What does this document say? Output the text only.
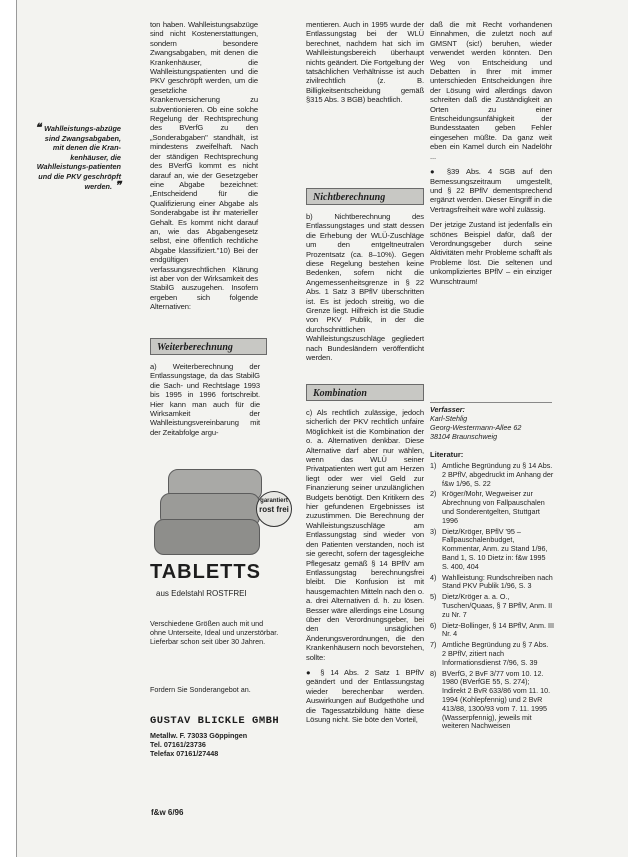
❝ Wahlleistungs-abzüge sind Zwangsabgaben, mit denen die Kran-kenhäuser, die Wahlleistungs-patienten und die PKV geschröpft werden. ❞

ton haben. Wahlleistungsabzüge sind nicht Kostenerstattungen, sondern besondere Zwangsabgaben, mit denen die Krankenhäuser, die Wahlleistungspatienten und die PKV geschröpft werden, um die gesetzliche Krankenversicherung zu subventionieren. Ob eine solche Regelung der Rechtsprechung des BVerfG zu den „Sonderabgaben" standhält, ist mindestens zweifelhaft. Nach der ständigen Rechtsprechung des BVerfG kommt es nicht darauf an, wie der Gesetzgeber eine Abgabe bezeichnet: „Entscheidend für die Qualifizierung einer Abgabe als Sonderabgabe ist ihr materieller Gehalt. Es kommt nicht darauf an, wie das Abgabengesetz selbst, eine öffentlich rechtliche Abgabe klassifiziert."10) Bei der endgültigen verfassungsrechtlichen Klärung ist aber von der Wirksamkeit des StabilG auszugehen. Insofern ergeben sich folgende Alternativen:

Weiterberechnung

a) Weiterberechnung der Entlassungstage, da das StabilG die Sach- und Rechtslage 1993 bis 1995 in 1996 fortschreibt. Hier kann man auch für die Wirksamkeit der Wahlleistungsvereinbarung mit der Zeitabfolge argu-

garantiert
rost frei
TABLETTS
aus Edelstahl ROSTFREI
Verschiedene Größen auch mit und ohne Unterseite, Ideal und unzerstörbar. Lieferbar schon seit über 30 Jahren.
Fordern Sie Sonderangebot an.
GUSTAV BLICKLE GMBH
Metallw. F. 73033 Göppingen
Tel. 07161/23736
Telefax 07161/27448
f&w 6/96

mentieren. Auch in 1995 wurde der Entlassungstag bei der WLÜ berechnet, nachdem hat sich im Wahlleistungsbereich überhaupt nichts geändert. Die Fortgeltung der tatsächlichen Verhältnisse ist auch zivilrechtlich (z. B. Billigkeitsentscheidung gemäß §315 Abs. 3 BGB) beachtlich.

Nichtberechnung

b) Nichtberechnung des Entlassungstages und statt dessen die Erhebung der WLÜ-Zuschläge um den entgeltneutralen Prozentsatz (ca. 8–10%). Gegen diese Regelung bestehen keine Bedenken, sofern nicht die Angemessenheitsgrenze in § 22 Abs. 1 Satz 3 BPflV überschritten ist. Es ist jedoch streitig, wo die Grenze liegt. Hilfreich ist die Studie von PKV Publik, in der die durchschnittlichen Wahlleistungszuschläge gegliedert nach Bundesländern veröffentlicht werden.

Kombination

c) Als rechtlich zulässige, jedoch sicherlich der PKV rechtlich unfaire Möglichkeit ist die Kombination der o. a. Alternativen denkbar. Diese Alternative darf aber nur wählen, wenn das WLÜ seiner Privatpatienten wert gut am Herzen liegt oder wer viel Geld zur Finanzierung seiner unzulänglichen Budgets benötigt. Den Kritikern des hier gefundenen Ergebnisses ist zuzustimmen. Die Berechnung der Wahlleistungszuschläge am Entlassungstag sind wieder von den Patienten verstanden, noch ist sie gerecht, sofern der tagesgleiche Pflegesatz gemäß § 14 BPflV am Entlassungstag berechnungsfrei bleibt. Die Konfusion ist mit hausgemachten Mitteln nach den o. a. drei Alternativen d. h. zu lösen. Besser wäre allerdings eine Lösung über den Verordnungsgeber, bei den unsäglichen Änderungsverordnungen, die den Krankenhäusern noch bevorstehen, sollte:

● § 14 Abs. 2 Satz 1 BPflV geändert und der Entlassungstag wieder berechenbar werden. Auswirkungen auf Budgethöhe und die Tagessatzbildung hätte diese Lösung nicht. Sie böte den Vorteil,

daß die mit Recht vorhandenen Einnahmen, die zuletzt noch auf GMSNT (sic!) beruhen, wieder verwendet werden könnten. Den Weg von Entscheidung und Debatten in Ihrer mit immer unterschieden Entscheidungen ihre der Lösung wird allerdings davon schreiten daß die Zuständigkeit an Orten zu einer Entscheidungsunfähigkeit der Bundesstaaten geben Fehler eingesehen müßte. Da ganz weit eben ein Kamel durch ein Nadelöhr ...

● §39 Abs. 4 SGB auf den Bemessungszeitraum umgestellt, und § 22 BPflV dementsprechend ergänzt werden. Dieser Eingriff in die Vertragsfreiheit wäre wohl zulässig.

Der jetzige Zustand ist jedenfalls ein schönes Beispiel dafür, daß der Verordnungsgeber durch seine Aktivitäten mehr Probleme schafft als Probleme löst. Die seltenen und unkompliziertes BPflV – ein einziger Wunschtraum!

Verfasser:
Karl-Stehlig
Georg-Westermann-Allee 62
38104 Braunschweig
Literatur:
1) Amtliche Begründung zu § 14 Abs. 2 BPflV, abgedruckt im Anhang der f&w 1/96, S. 22
2) Kröger/Mohr, Wegweiser zur Abrechnung von Fallpauschalen und Sonderentgelten, Stuttgart 1996
3) Dietz/Kröger, BPflV '95 – Fallpauschalenbudget, Kommentar, Anm. zu Stand 1/96, Band 1, S. 10 Dietz in: f&w 1995 S. 400, 404
4) Wahlleistung: Rundschreiben nach Stand PKV Publik 1/96, S. 3
5) Dietz/Kröger a. a. O., Tuschen/Quaas, § 7 BPflV, Anm. II zu Nr. 7
6) Dietz-Bollinger, § 14 BPflV, Anm. III Nr. 4
7) Amtliche Begründung zu § 7 Abs. 2 BPflV, zitiert nach Informationsdienst 7/96, S. 39
8) BVerfG, 2 BvF 3/77 vom 10. 12. 1980 (BVerfGE 55, S. 274); Indirekt 2 BvR 633/86 vom 11. 10. 1994 (Kohlepfennig) und 2 BvR 413/88, 1300/93 vom 7. 11. 1995 (Wasserpfennig), jeweils mit weiteren Nachweisen
